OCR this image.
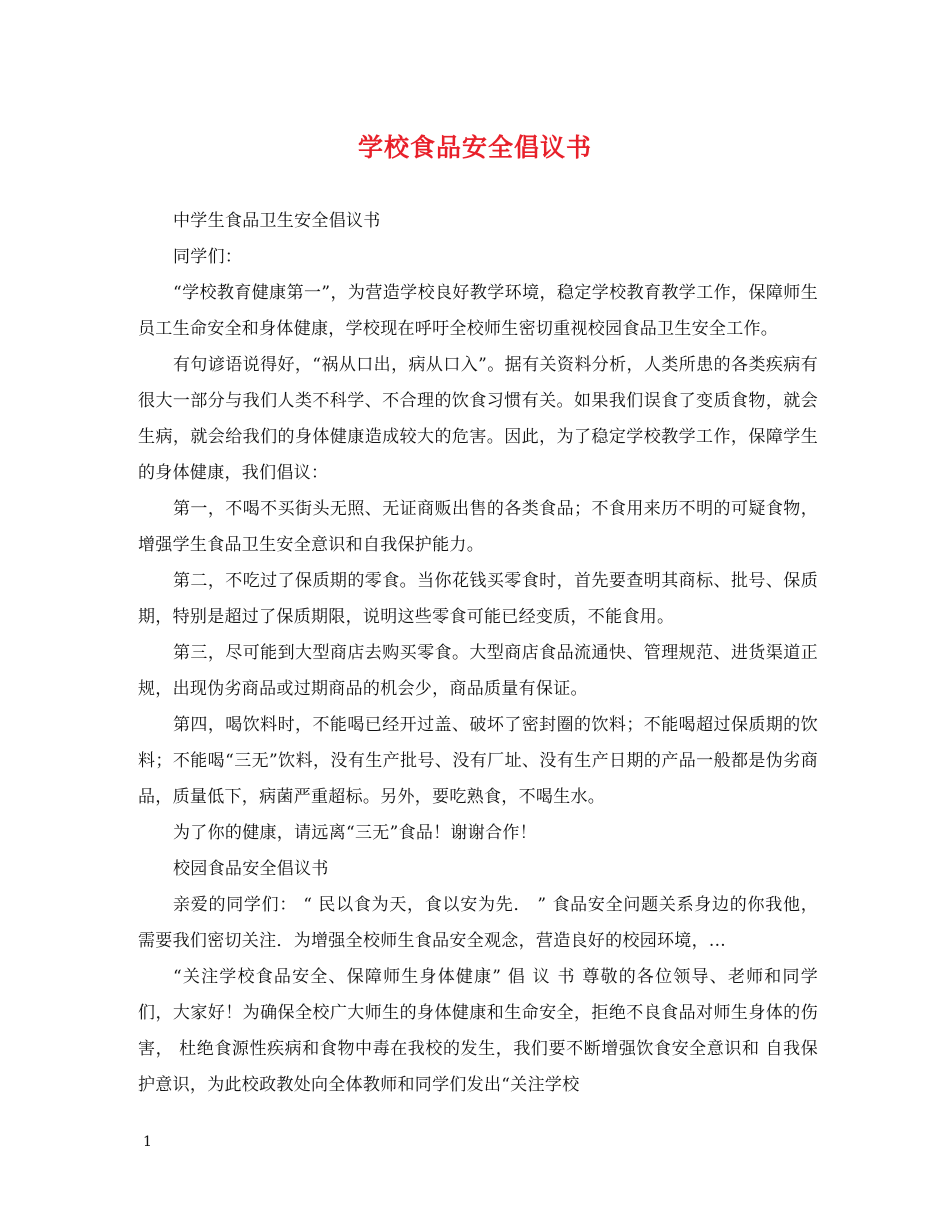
学校食品安全倡议书

中学生食品卫生安全倡议书

同学们：

“学校教育健康第一”，为营造学校良好教学环境，稳定学校教育教学工作，保障师生员工生命安全和身体健康，学校现在呼吁全校师生密切重视校园食品卫生安全工作。

有句谚语说得好，“祸从口出，病从口入”。据有关资料分析，人类所患的各类疾病有很大一部分与我们人类不科学、不合理的饮食习惯有关。如果我们误食了变质食物，就会生病，就会给我们的身体健康造成较大的危害。因此，为了稳定学校教学工作，保障学生的身体健康，我们倡议：

第一，不喝不买街头无照、无证商贩出售的各类食品；不食用来历不明的可疑食物，增强学生食品卫生安全意识和自我保护能力。

第二，不吃过了保质期的零食。当你花钱买零食时，首先要查明其商标、批号、保质期，特别是超过了保质期限，说明这些零食可能已经变质，不能食用。

第三，尽可能到大型商店去购买零食。大型商店食品流通快、管理规范、进货渠道正规，出现伪劣商品或过期商品的机会少，商品质量有保证。

第四，喝饮料时，不能喝已经开过盖、破坏了密封圈的饮料；不能喝超过保质期的饮料；不能喝“三无”饮料，没有生产批号、没有厂址、没有生产日期的产品一般都是伪劣商品，质量低下，病菌严重超标。另外，要吃熟食，不喝生水。

为了你的健康，请远离“三无”食品！谢谢合作！

校园食品安全倡议书

亲爱的同学们： “ 民以食为天，食以安为先． ” 食品安全问题关系身边的你我他，需要我们密切关注．为增强全校师生食品安全观念，营造良好的校园环境，...

“关注学校食品安全、保障师生身体健康” 倡 议 书 尊敬的各位领导、老师和同学们，大家好！为确保全校广大师生的身体健康和生命安全，拒绝不良食品对师生身体的伤 害， 杜绝食源性疾病和食物中毒在我校的发生，我们要不断增强饮食安全意识和 自我保护意识，为此校政教处向全体教师和同学们发出“关注学校

1
